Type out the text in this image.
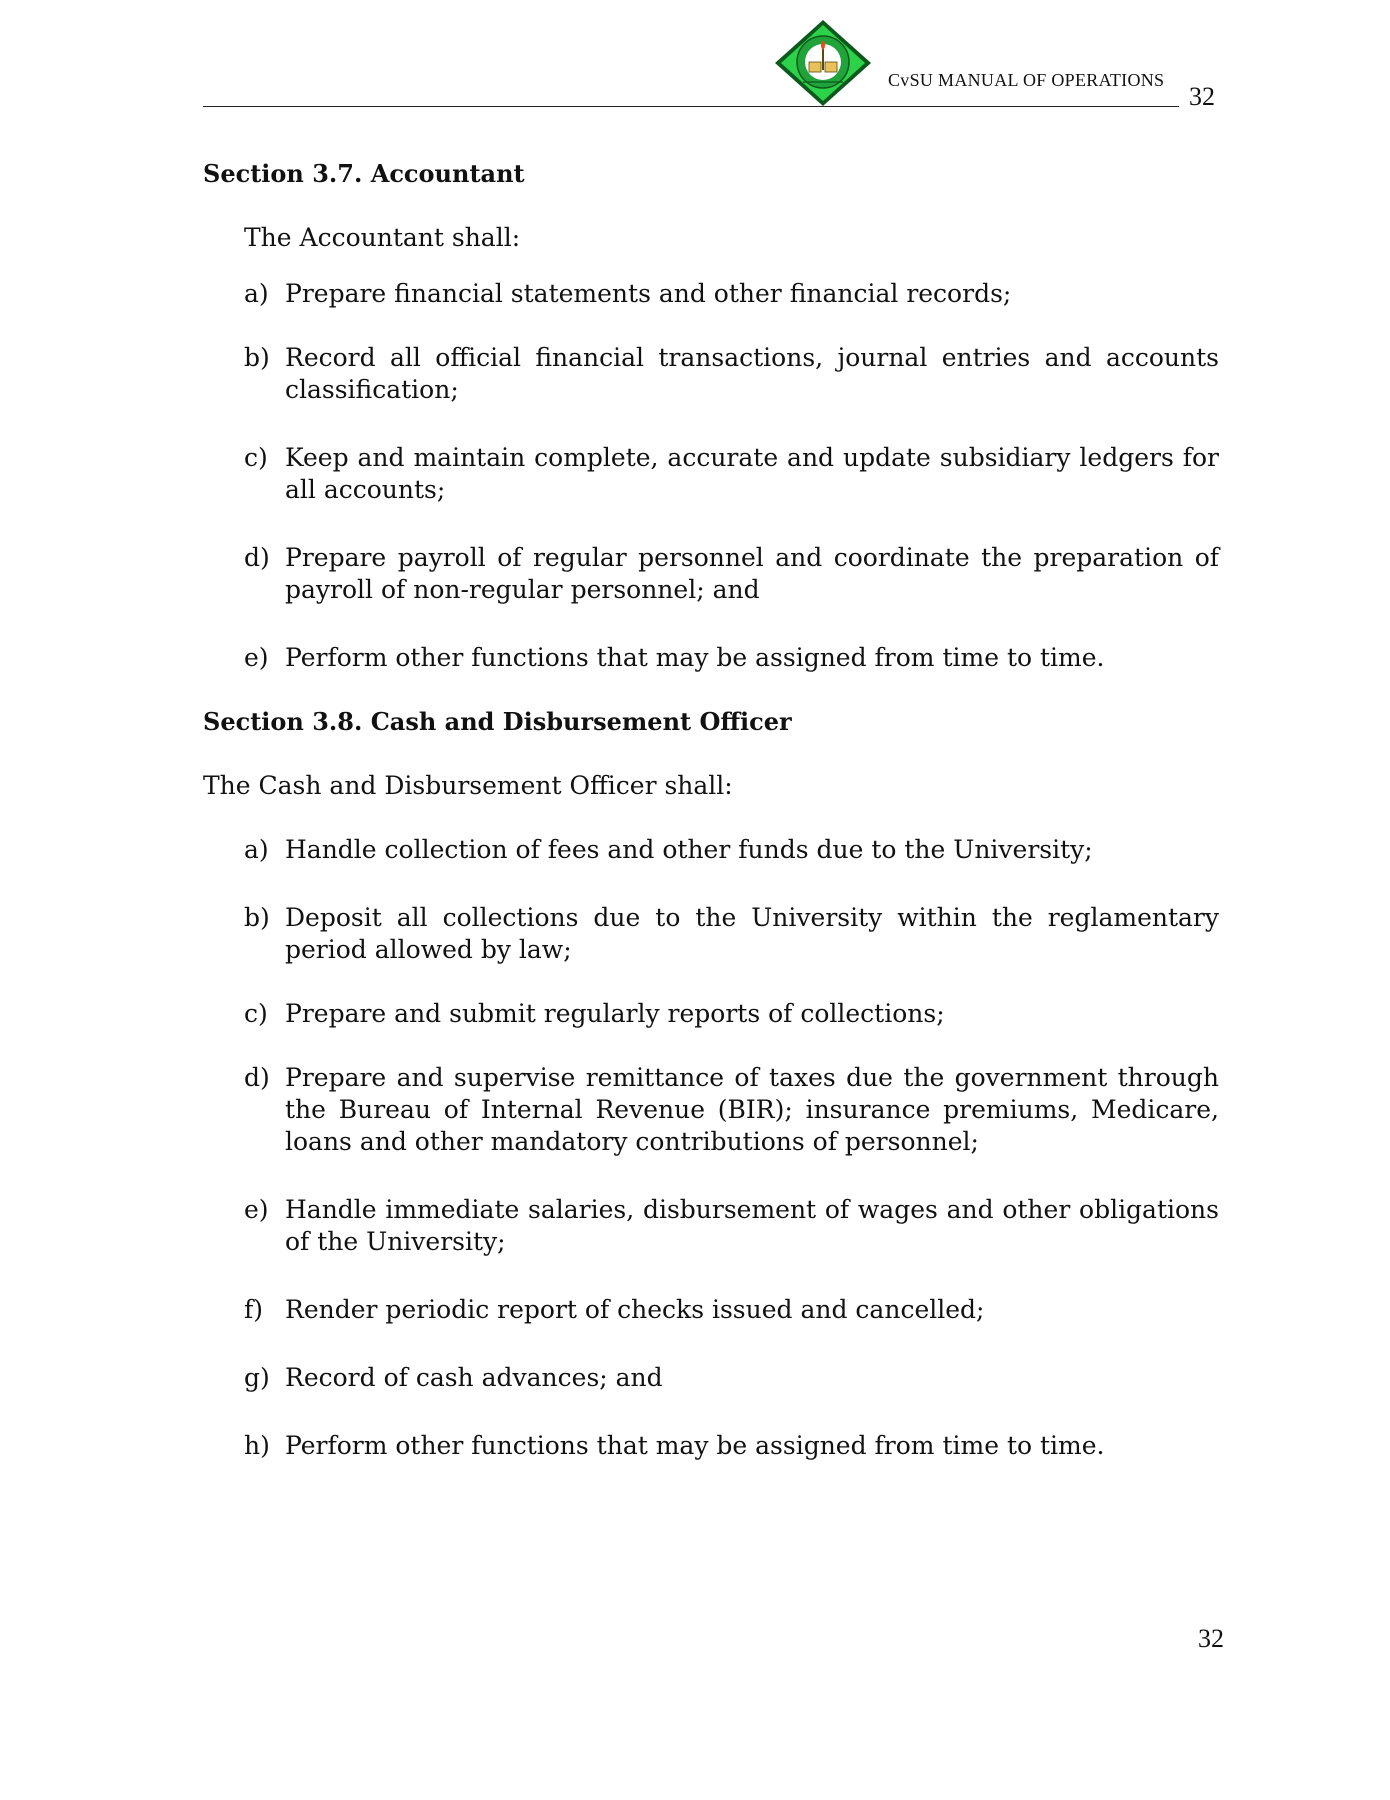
CvSU MANUAL OF OPERATIONS
32
Section 3.7. Accountant

The Accountant shall:

a) Prepare financial statements and other financial records;
b) Record all official financial transactions, journal entries and accounts classification;
c) Keep and maintain complete, accurate and update subsidiary ledgers for all accounts;
d) Prepare payroll of regular personnel and coordinate the preparation of payroll of non-regular personnel; and
e) Perform other functions that may be assigned from time to time.
Section 3.8. Cash and Disbursement Officer

The Cash and Disbursement Officer shall:

a) Handle collection of fees and other funds due to the University;
b) Deposit all collections due to the University within the reglamentary period allowed by law;
c) Prepare and submit regularly reports of collections;
d) Prepare and supervise remittance of taxes due the government through the Bureau of Internal Revenue (BIR); insurance premiums, Medicare, loans and other mandatory contributions of personnel;
e) Handle immediate salaries, disbursement of wages and other obligations of the University;
f) Render periodic report of checks issued and cancelled;
g) Record of cash advances; and
h) Perform other functions that may be assigned from time to time.
32
